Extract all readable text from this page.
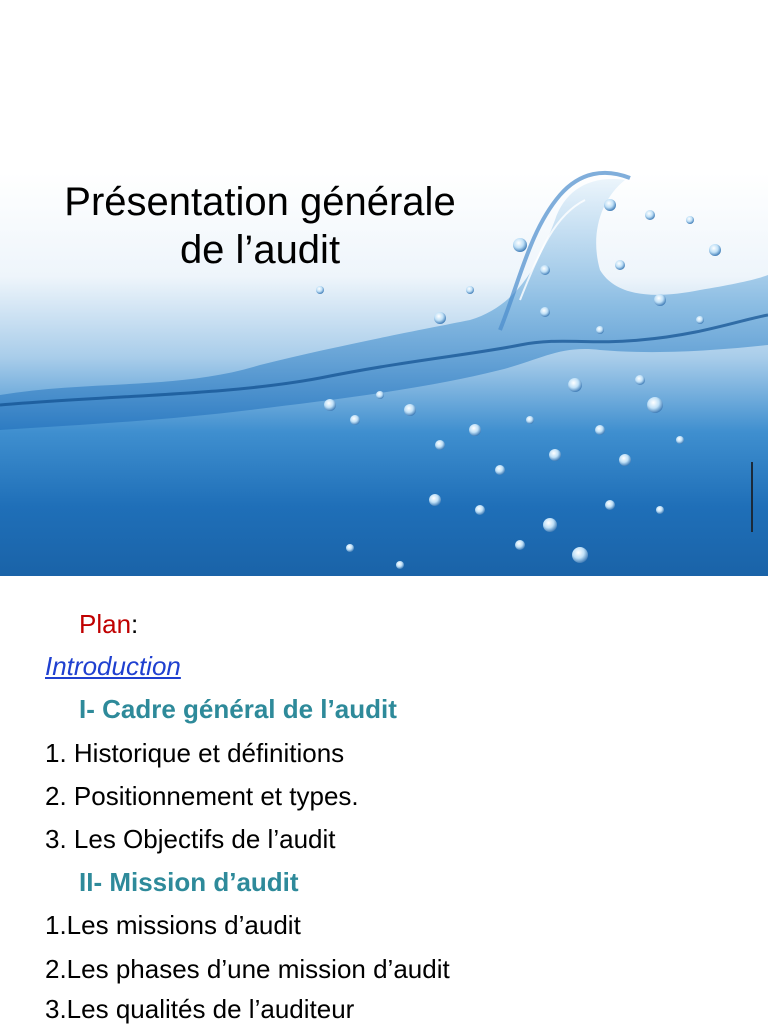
Présentation générale
de l’audit
Plan:
Introduction
I- Cadre général de l’audit
1. Historique et définitions
2. Positionnement et types.
3. Les Objectifs de l’audit
II- Mission d’audit
1.Les missions d’audit
2.Les phases d’une mission d’audit
3.Les qualités de l’auditeur
